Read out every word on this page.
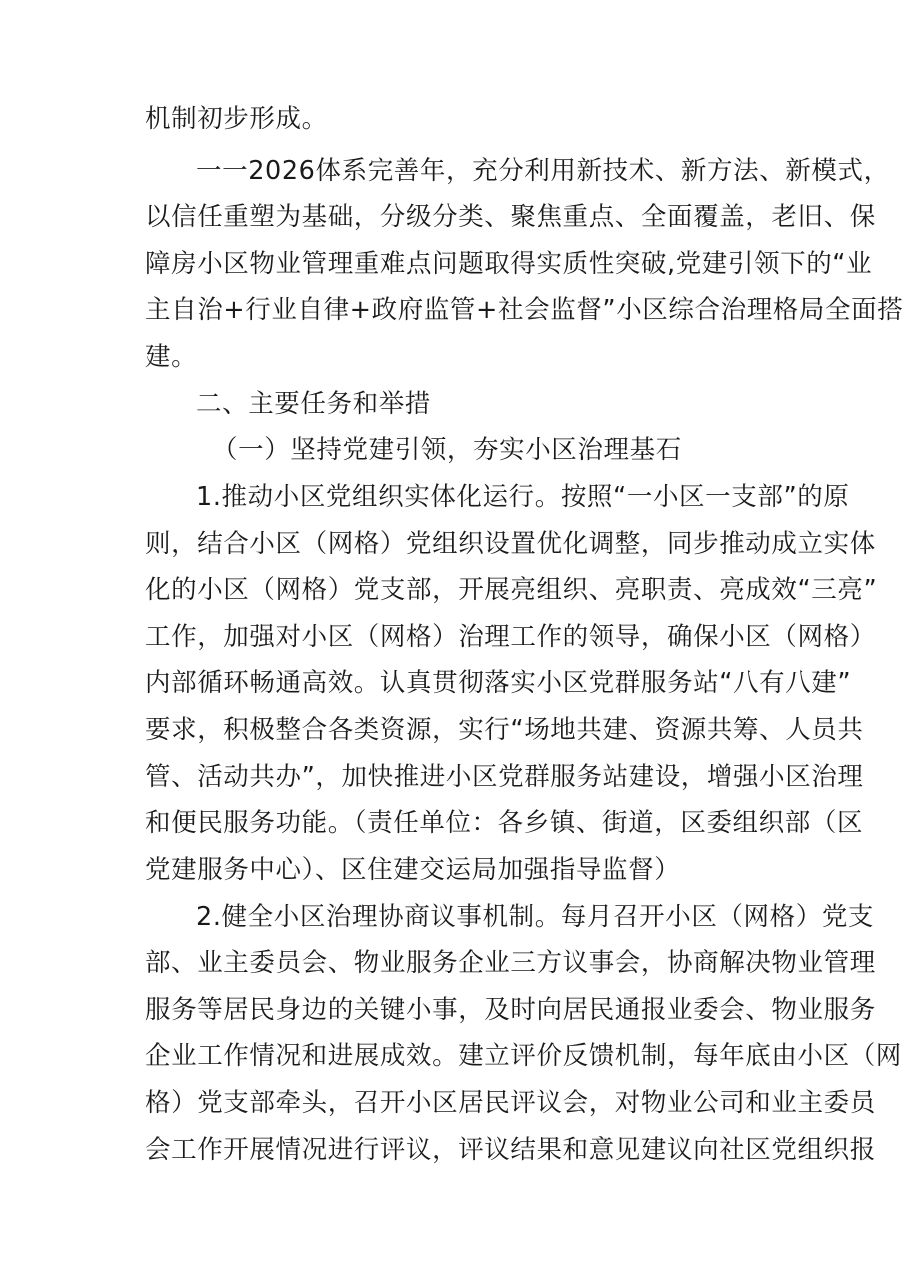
机制初步形成。
一一2026体系完善年，充分利用新技术、新方法、新模式，
以信任重塑为基础，分级分类、聚焦重点、全面覆盖，老旧、保
障房小区物业管理重难点问题取得实质性突破,党建引领下的“业
主自治+行业自律+政府监管+社会监督”小区综合治理格局全面搭
建。
二、主要任务和举措
（一）坚持党建引领，夯实小区治理基石
1.推动小区党组织实体化运行。按照“一小区一支部”的原
则，结合小区（网格）党组织设置优化调整，同步推动成立实体
化的小区（网格）党支部，开展亮组织、亮职责、亮成效“三亮”
工作，加强对小区（网格）治理工作的领导，确保小区（网格）
内部循环畅通高效。认真贯彻落实小区党群服务站“八有八建”
要求，积极整合各类资源，实行“场地共建、资源共筹、人员共
管、活动共办”，加快推进小区党群服务站建设，增强小区治理
和便民服务功能。（责任单位：各乡镇、街道，区委组织部（区
党建服务中心）、区住建交运局加强指导监督）
2.健全小区治理协商议事机制。每月召开小区（网格）党支
部、业主委员会、物业服务企业三方议事会，协商解决物业管理
服务等居民身边的关键小事，及时向居民通报业委会、物业服务
企业工作情况和进展成效。建立评价反馈机制，每年底由小区（网
格）党支部牵头，召开小区居民评议会，对物业公司和业主委员
会工作开展情况进行评议，评议结果和意见建议向社区党组织报
